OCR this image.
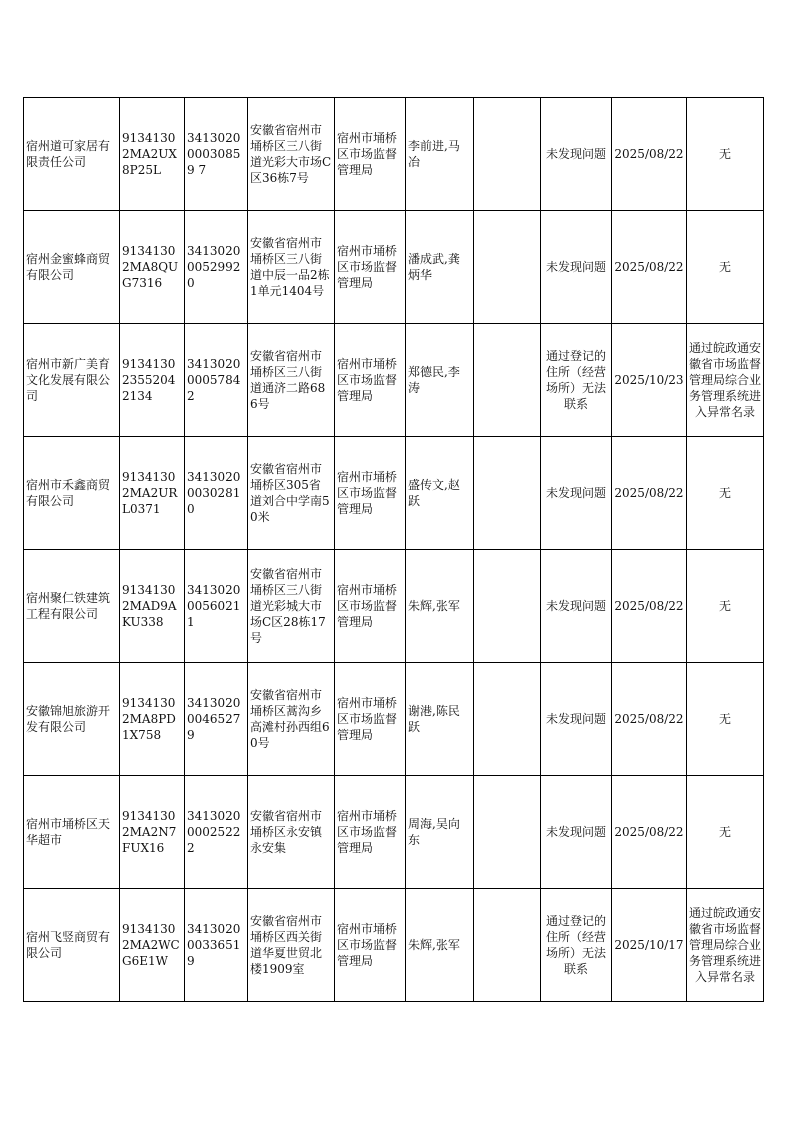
宿州道可家居有限责任公司	91341302MA2UX8P25L	341302000030859 7	安徽省宿州市埇桥区三八街道光彩大市场C区36栋7号	宿州市埇桥区市场监督管理局	李前进,马冶		未发现问题	2025/08/22	无
宿州金蜜蜂商贸有限公司	91341302MA8QUG7316	341302000529920	安徽省宿州市埇桥区三八街道中辰一品2栋1单元1404号	宿州市埇桥区市场监督管理局	潘成武,龚炳华		未发现问题	2025/08/22	无
宿州市新广美育文化发展有限公司	913413023552042134	341302000057842	安徽省宿州市埇桥区三八街道通济二路686号	宿州市埇桥区市场监督管理局	郑德民,李涛		通过登记的住所（经营场所）无法联系	2025/10/23	通过皖政通安徽省市场监督管理局综合业务管理系统进入异常名录
宿州市禾鑫商贸有限公司	91341302MA2URL0371	341302000302810	安徽省宿州市埇桥区305省道刘合中学南50米	宿州市埇桥区市场监督管理局	盛传文,赵跃		未发现问题	2025/08/22	无
宿州聚仁铁建筑工程有限公司	91341302MAD9AKU338	341302000560211	安徽省宿州市埇桥区三八街道光彩城大市场C区28栋17号	宿州市埇桥区市场监督管理局	朱辉,张军		未发现问题	2025/08/22	无
安徽锦旭旅游开发有限公司	91341302MA8PD1X758	341302000465279	安徽省宿州市埇桥区蒿沟乡高滩村孙西组60号	宿州市埇桥区市场监督管理局	谢港,陈民跃		未发现问题	2025/08/22	无
宿州市埇桥区天华超市	91341302MA2N7FUX16	341302000025222	安徽省宿州市埇桥区永安镇永安集	宿州市埇桥区市场监督管理局	周海,吴向东		未发现问题	2025/08/22	无
宿州飞竖商贸有限公司	91341302MA2WCG6E1W	341302000336519	安徽省宿州市埇桥区西关街道华夏世贸北楼1909室	宿州市埇桥区市场监督管理局	朱辉,张军		通过登记的住所（经营场所）无法联系	2025/10/17	通过皖政通安徽省市场监督管理局综合业务管理系统进入异常名录
